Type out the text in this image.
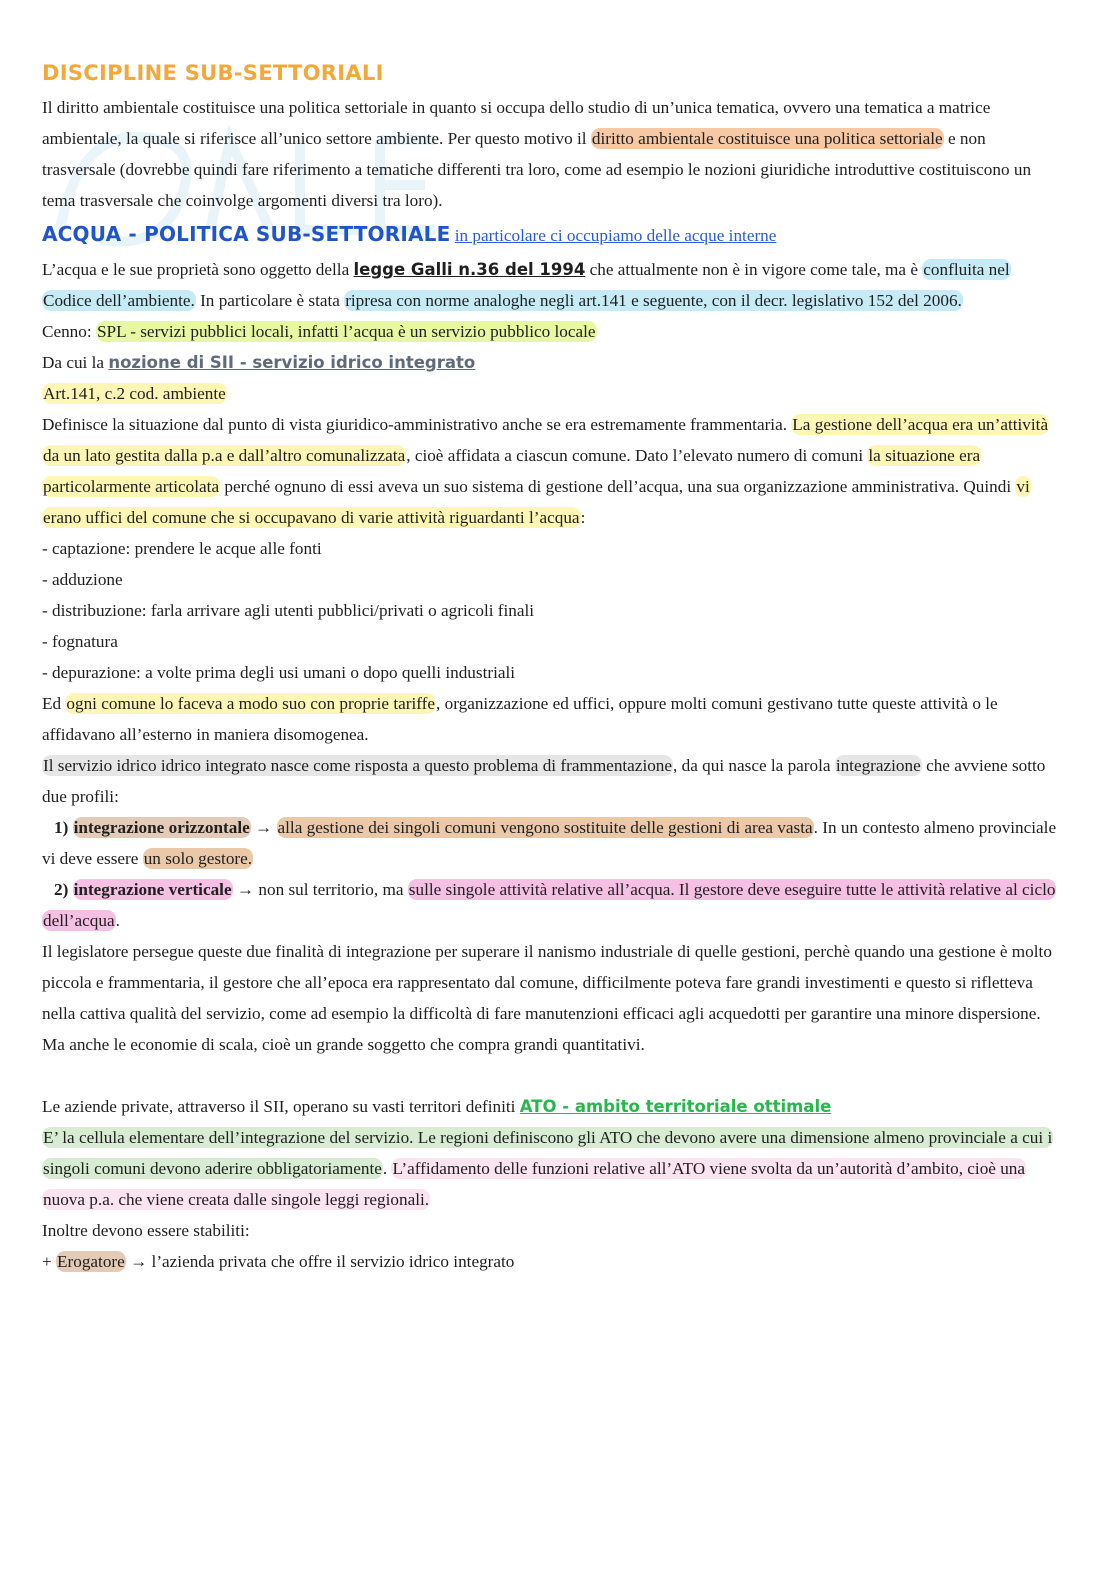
DISCIPLINE SUB-SETTORIALI

Il diritto ambientale costituisce una politica settoriale in quanto si occupa dello studio di un’unica tematica, ovvero una tematica a matrice ambientale, la quale si riferisce all’unico settore ambiente. Per questo motivo il diritto ambientale costituisce una politica settoriale e non trasversale (dovrebbe quindi fare riferimento a tematiche differenti tra loro, come ad esempio le nozioni giuridiche introduttive costituiscono un tema trasversale che coinvolge argomenti diversi tra loro).

ACQUA - POLITICA SUB-SETTORIALE in particolare ci occupiamo delle acque interne

L’acqua e le sue proprietà sono oggetto della legge Galli n.36 del 1994 che attualmente non è in vigore come tale, ma è confluita nel Codice dell’ambiente. In particolare è stata ripresa con norme analoghe negli art.141 e seguente, con il decr. legislativo 152 del 2006.

Cenno: SPL - servizi pubblici locali, infatti l’acqua è un servizio pubblico locale

Da cui la nozione di SII - servizio idrico integrato

Art.141, c.2 cod. ambiente

Definisce la situazione dal punto di vista giuridico-amministrativo anche se era estremamente frammentaria. La gestione dell’acqua era un’attività da un lato gestita dalla p.a e dall’altro comunalizzata, cioè affidata a ciascun comune. Dato l’elevato numero di comuni la situazione era particolarmente articolata perché ognuno di essi aveva un suo sistema di gestione dell’acqua, una sua organizzazione amministrativa. Quindi vi erano uffici del comune che si occupavano di varie attività riguardanti l’acqua:

- captazione: prendere le acque alle fonti

- adduzione

- distribuzione: farla arrivare agli utenti pubblici/privati o agricoli finali

- fognatura

- depurazione: a volte prima degli usi umani o dopo quelli industriali

Ed ogni comune lo faceva a modo suo con proprie tariffe, organizzazione ed uffici, oppure molti comuni gestivano tutte queste attività o le affidavano all’esterno in maniera disomogenea.

Il servizio idrico idrico integrato nasce come risposta a questo problema di frammentazione, da qui nasce la parola integrazione che avviene sotto due profili:

1) integrazione orizzontale → alla gestione dei singoli comuni vengono sostituite delle gestioni di area vasta. In un contesto almeno provinciale vi deve essere un solo gestore.

2) integrazione verticale → non sul territorio, ma sulle singole attività relative all’acqua. Il gestore deve eseguire tutte le attività relative al ciclo dell’acqua.

Il legislatore persegue queste due finalità di integrazione per superare il nanismo industriale di quelle gestioni, perchè quando una gestione è molto piccola e frammentaria, il gestore che all’epoca era rappresentato dal comune, difficilmente poteva fare grandi investimenti e questo si rifletteva nella cattiva qualità del servizio, come ad esempio la difficoltà di fare manutenzioni efficaci agli acquedotti per garantire una minore dispersione. Ma anche le economie di scala, cioè un grande soggetto che compra grandi quantitativi.

Le aziende private, attraverso il SII, operano su vasti territori definiti ATO - ambito territoriale ottimale

E’ la cellula elementare dell’integrazione del servizio. Le regioni definiscono gli ATO che devono avere una dimensione almeno provinciale a cui i singoli comuni devono aderire obbligatoriamente. L’affidamento delle funzioni relative all’ATO viene svolta da un’autorità d’ambito, cioè una nuova p.a. che viene creata dalle singole leggi regionali.

Inoltre devono essere stabiliti:

+ Erogatore → l’azienda privata che offre il servizio idrico integrato
